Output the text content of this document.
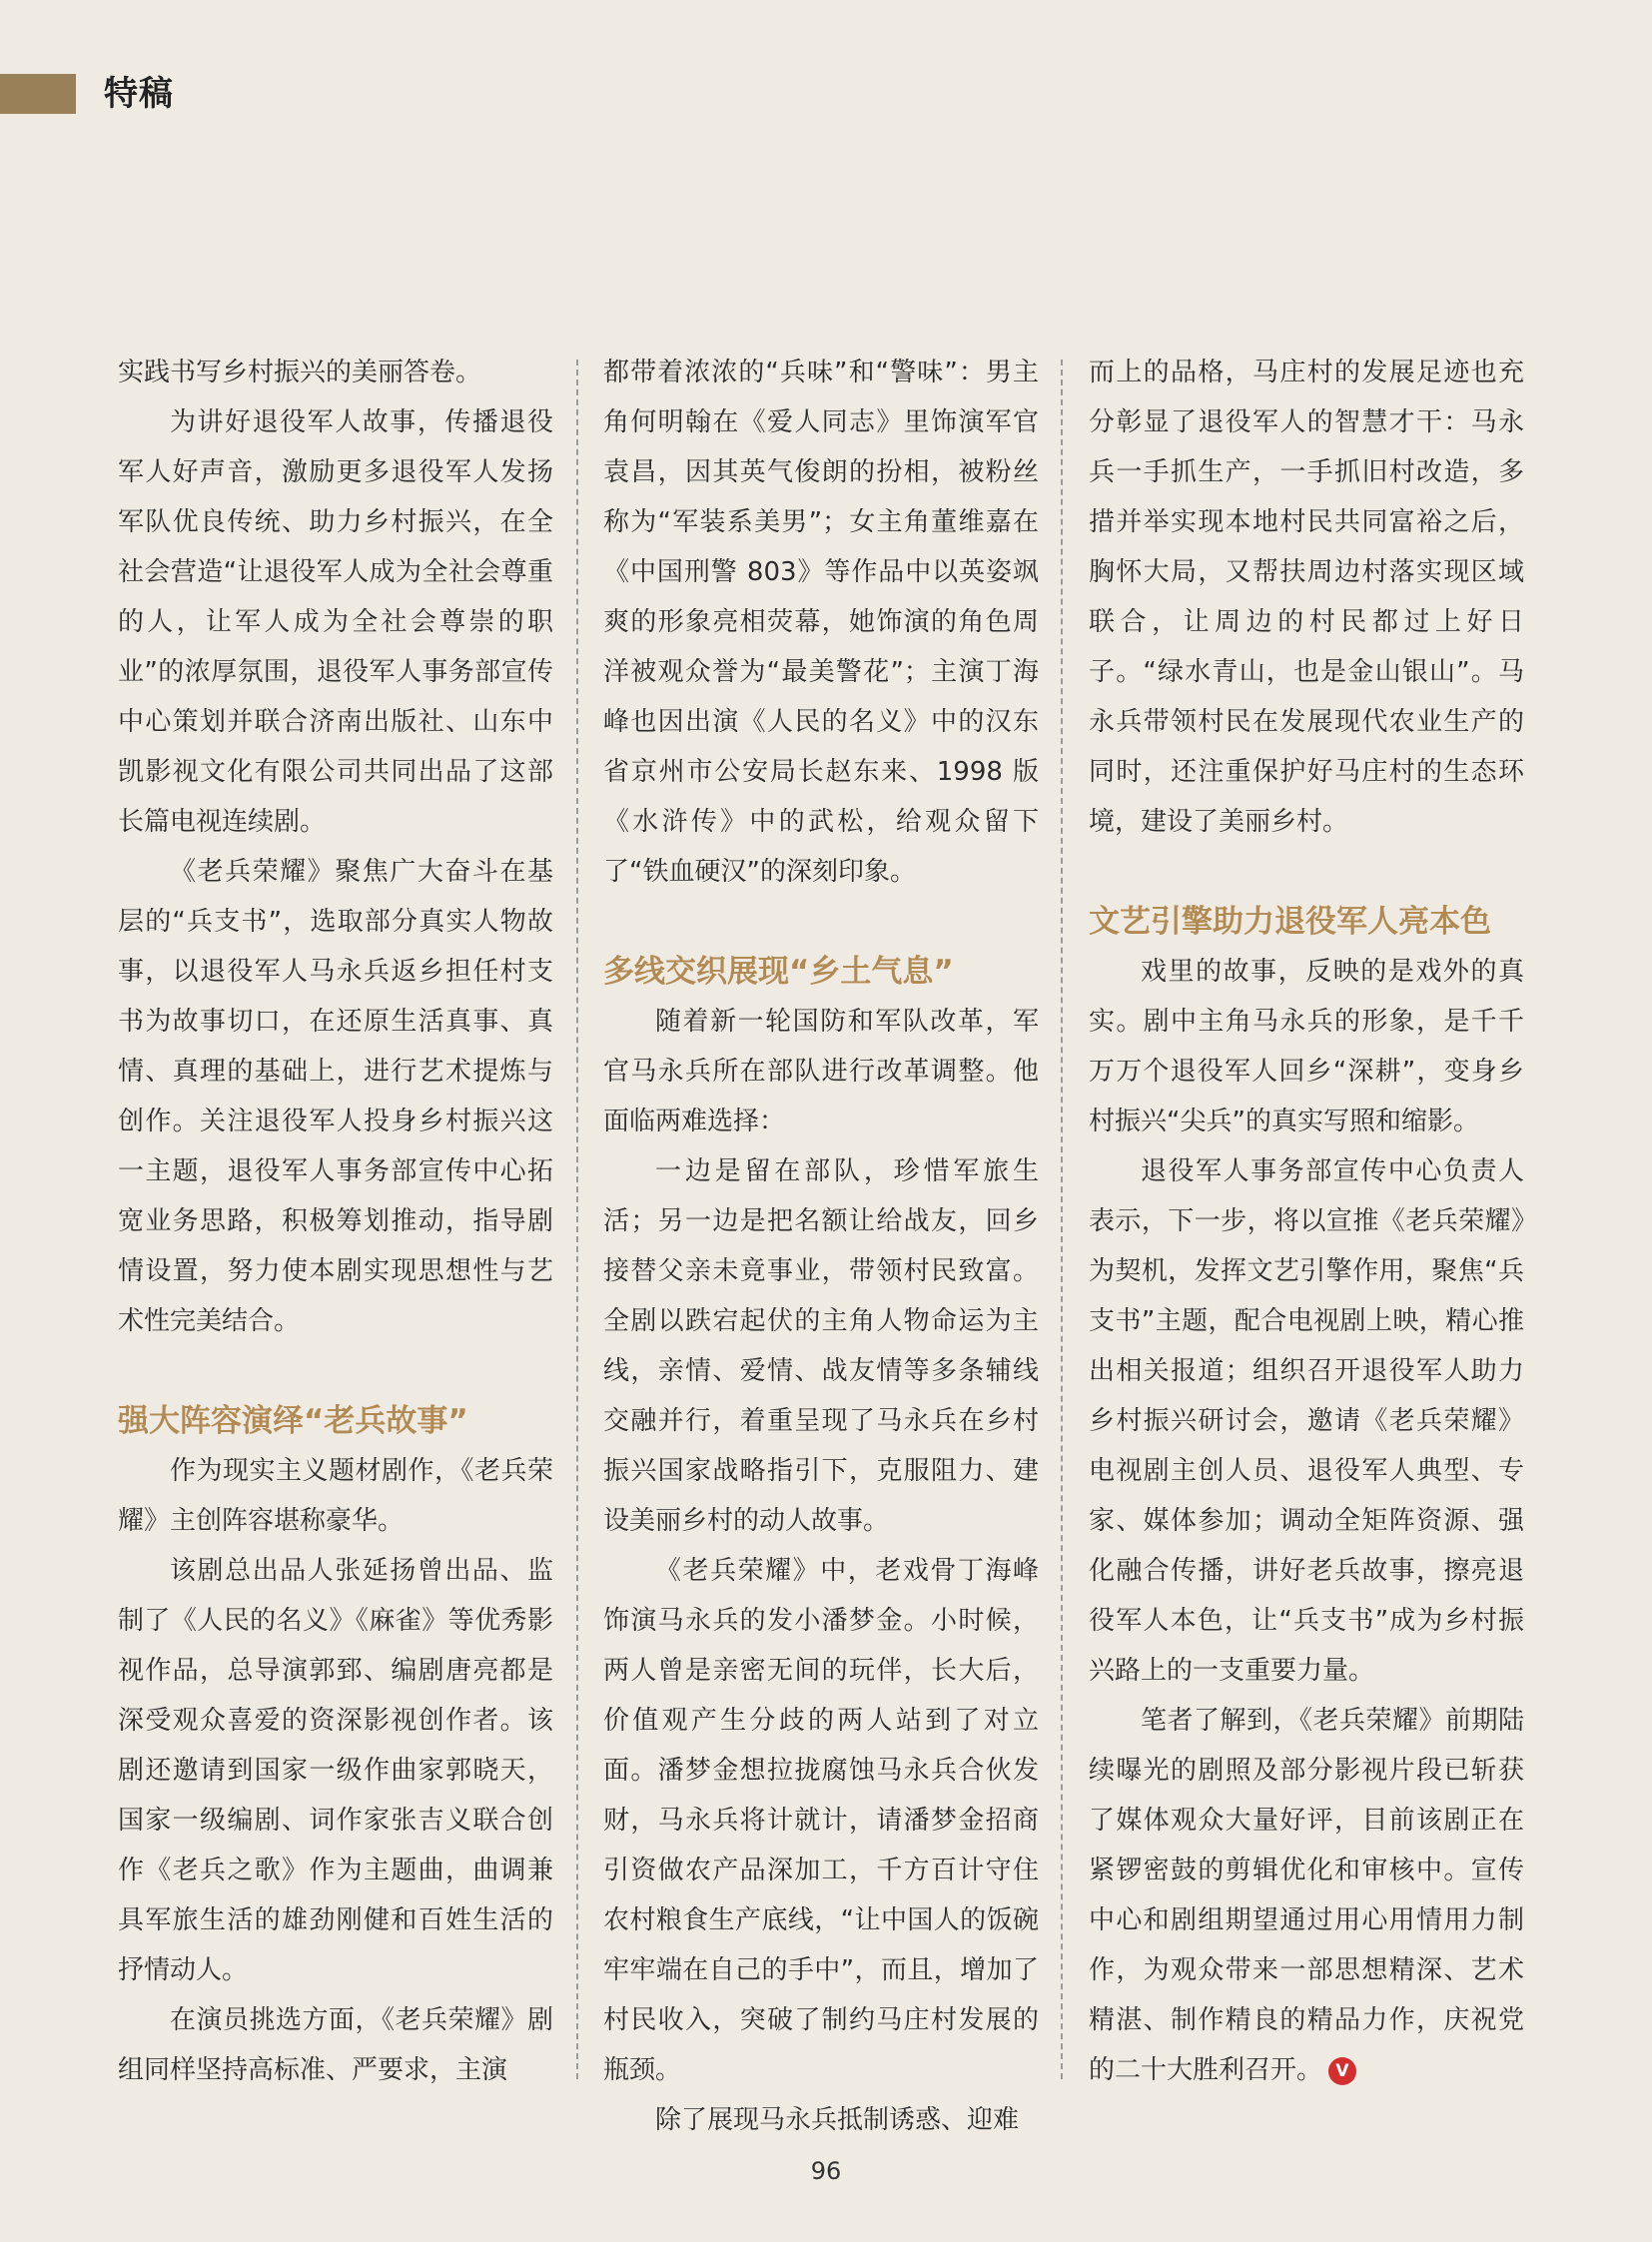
特稿

实践书写乡村振兴的美丽答卷。

为讲好退役军人故事，传播退役军人好声音，激励更多退役军人发扬军队优良传统、助力乡村振兴，在全社会营造“让退役军人成为全社会尊重的人，让军人成为全社会尊崇的职业”的浓厚氛围，退役军人事务部宣传中心策划并联合济南出版社、山东中凯影视文化有限公司共同出品了这部长篇电视连续剧。

《老兵荣耀》聚焦广大奋斗在基层的“兵支书”，选取部分真实人物故事，以退役军人马永兵返乡担任村支书为故事切口，在还原生活真事、真情、真理的基础上，进行艺术提炼与创作。关注退役军人投身乡村振兴这一主题，退役军人事务部宣传中心拓宽业务思路，积极筹划推动，指导剧情设置，努力使本剧实现思想性与艺术性完美结合。

强大阵容演绎“老兵故事”

作为现实主义题材剧作，《老兵荣耀》主创阵容堪称豪华。

该剧总出品人张延扬曾出品、监制了《人民的名义》《麻雀》等优秀影视作品，总导演郭郅、编剧唐亮都是深受观众喜爱的资深影视创作者。该剧还邀请到国家一级作曲家郭晓天，国家一级编剧、词作家张吉义联合创作《老兵之歌》作为主题曲，曲调兼具军旅生活的雄劲刚健和百姓生活的抒情动人。

在演员挑选方面，《老兵荣耀》剧组同样坚持高标准、严要求，主演

都带着浓浓的“兵味”和“警味”：男主角何明翰在《爱人同志》里饰演军官袁昌，因其英气俊朗的扮相，被粉丝称为“军装系美男”；女主角董维嘉在《中国刑警 803》等作品中以英姿飒爽的形象亮相荧幕，她饰演的角色周洋被观众誉为“最美警花”；主演丁海峰也因出演《人民的名义》中的汉东省京州市公安局长赵东来、1998 版《水浒传》中的武松，给观众留下了“铁血硬汉”的深刻印象。

多线交织展现“乡土气息”

随着新一轮国防和军队改革，军官马永兵所在部队进行改革调整。他面临两难选择：

一边是留在部队，珍惜军旅生活；另一边是把名额让给战友，回乡接替父亲未竟事业，带领村民致富。全剧以跌宕起伏的主角人物命运为主线，亲情、爱情、战友情等多条辅线交融并行，着重呈现了马永兵在乡村振兴国家战略指引下，克服阻力、建设美丽乡村的动人故事。

《老兵荣耀》中，老戏骨丁海峰饰演马永兵的发小潘梦金。小时候，两人曾是亲密无间的玩伴，长大后，价值观产生分歧的两人站到了对立面。潘梦金想拉拢腐蚀马永兵合伙发财，马永兵将计就计，请潘梦金招商引资做农产品深加工，千方百计守住农村粮食生产底线，“让中国人的饭碗牢牢端在自己的手中”，而且，增加了村民收入，突破了制约马庄村发展的瓶颈。

除了展现马永兵抵制诱惑、迎难

而上的品格，马庄村的发展足迹也充分彰显了退役军人的智慧才干：马永兵一手抓生产，一手抓旧村改造，多措并举实现本地村民共同富裕之后，胸怀大局，又帮扶周边村落实现区域联合，让周边的村民都过上好日子。“绿水青山，也是金山银山”。马永兵带领村民在发展现代农业生产的同时，还注重保护好马庄村的生态环境，建设了美丽乡村。

文艺引擎助力退役军人亮本色

戏里的故事，反映的是戏外的真实。剧中主角马永兵的形象，是千千万万个退役军人回乡“深耕”，变身乡村振兴“尖兵”的真实写照和缩影。

退役军人事务部宣传中心负责人表示，下一步，将以宣推《老兵荣耀》为契机，发挥文艺引擎作用，聚焦“兵支书”主题，配合电视剧上映，精心推出相关报道；组织召开退役军人助力乡村振兴研讨会，邀请《老兵荣耀》电视剧主创人员、退役军人典型、专家、媒体参加；调动全矩阵资源、强化融合传播，讲好老兵故事，擦亮退役军人本色，让“兵支书”成为乡村振兴路上的一支重要力量。

笔者了解到，《老兵荣耀》前期陆续曝光的剧照及部分影视片段已斩获了媒体观众大量好评，目前该剧正在紧锣密鼓的剪辑优化和审核中。宣传中心和剧组期望通过用心用情用力制作，为观众带来一部思想精深、艺术精湛、制作精良的精品力作，庆祝党的二十大胜利召开。 V

96
